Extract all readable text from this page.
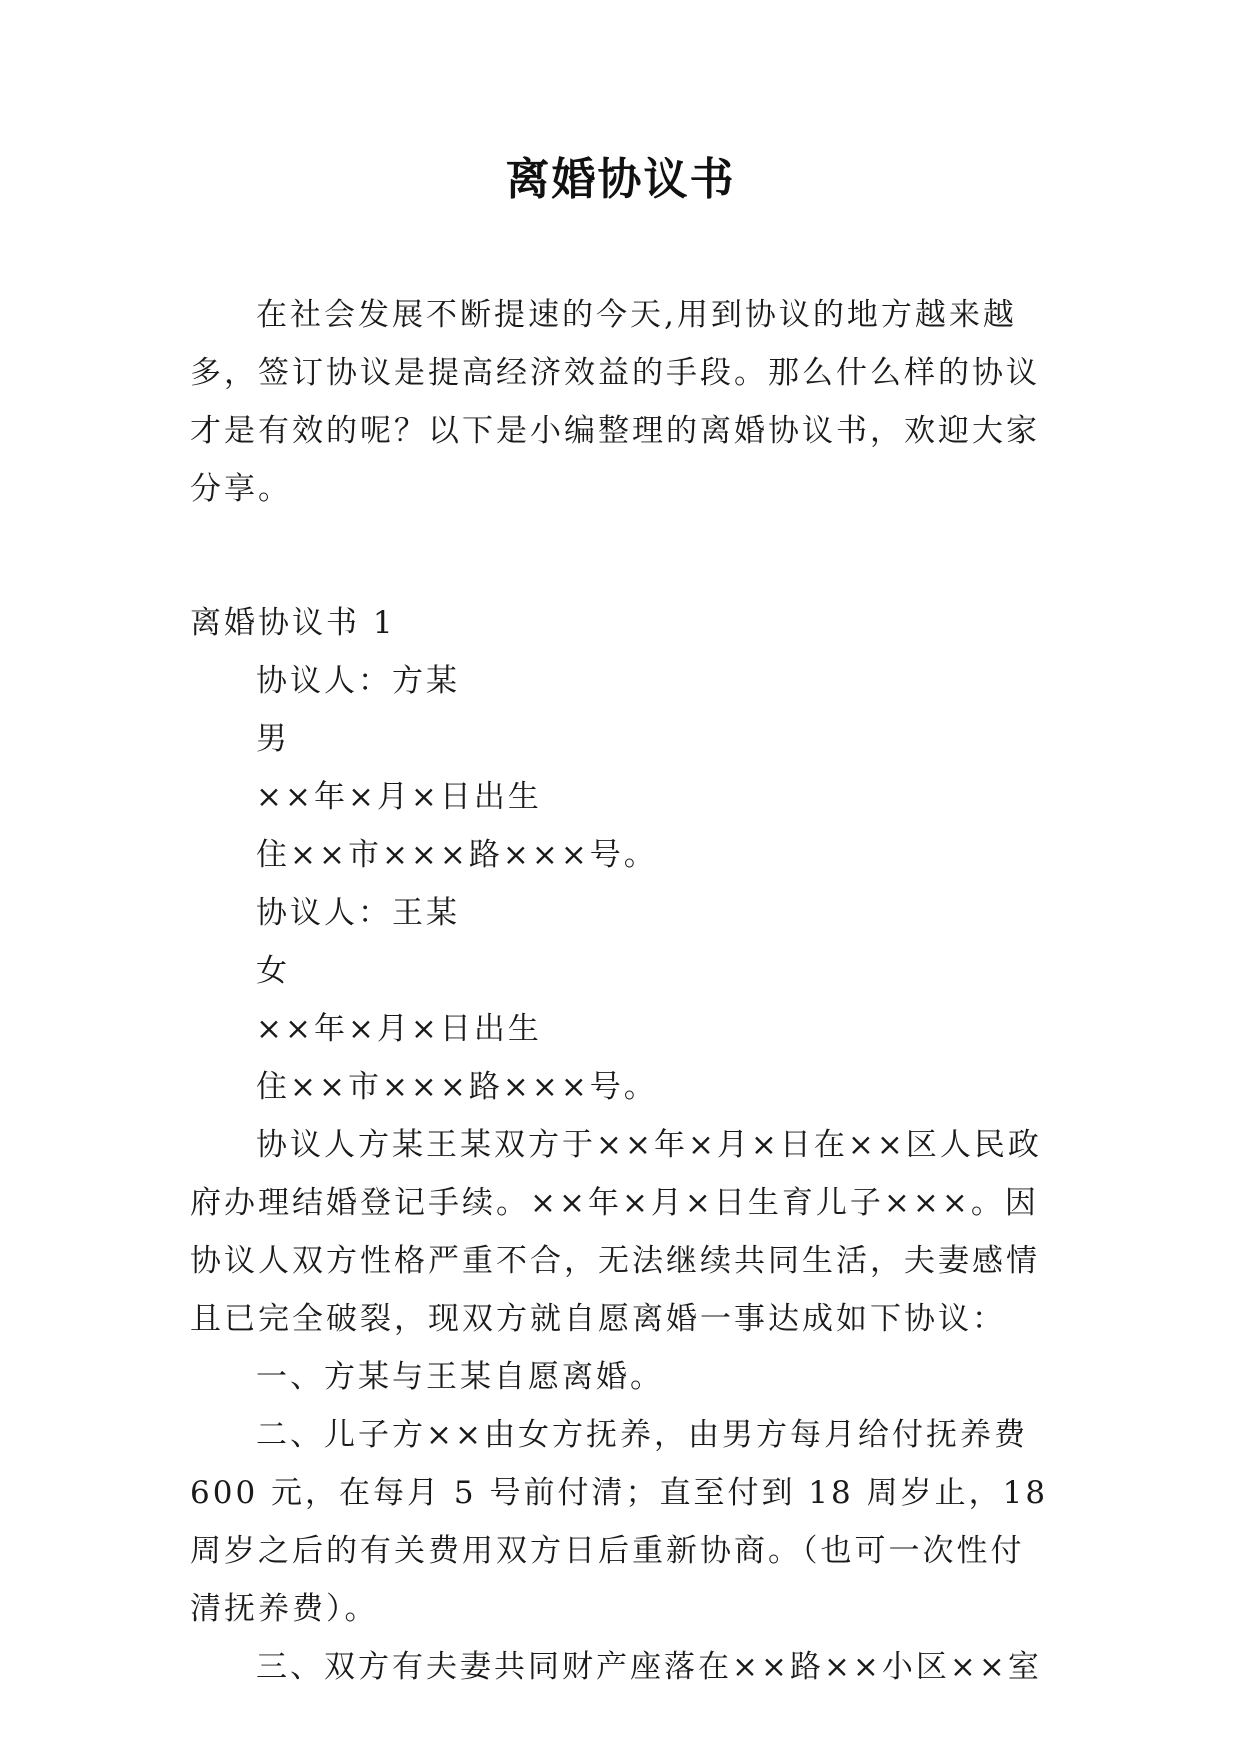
离婚协议书

在社会发展不断提速的今天,用到协议的地方越来越多，签订协议是提高经济效益的手段。那么什么样的协议才是有效的呢？以下是小编整理的离婚协议书，欢迎大家分享。

离婚协议书 1

协议人：方某

男

××年×月×日出生

住××市×××路×××号。

协议人：王某

女

××年×月×日出生

住××市×××路×××号。

协议人方某王某双方于××年×月×日在××区人民政府办理结婚登记手续。××年×月×日生育儿子×××。因协议人双方性格严重不合，无法继续共同生活，夫妻感情且已完全破裂，现双方就自愿离婚一事达成如下协议：

一、方某与王某自愿离婚。

二、儿子方××由女方抚养，由男方每月给付抚养费 600 元，在每月 5 号前付清；直至付到 18 周岁止，18 周岁之后的有关费用双方日后重新协商。（也可一次性付清抚养费）。

三、双方有夫妻共同财产座落在××路××小区××室
